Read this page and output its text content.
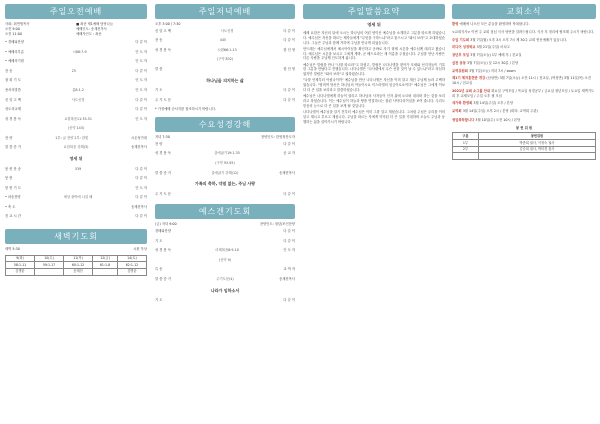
주일오전예배
사회: 최연범목사
오전 9:00
오전 11:00
■ 최준 제1예배 담당나눔
예배인도: 송재천목사
예배자인도 : 최준
• 경배와찬양	다 같 이
• 예배의부름	시86:7-9	인 도 자
• 예배의기원	인 도 자
찬 송	25	다 같 이
참 회 기 도	인 도 자
용서의말씀	롬8:1-2	인 도 자
신 앙 고 백	사도신경	다 같 이
성도의교제	다 같 이
성 경 봉 독	요한복음11:35-51	인 도 자
(신약 143)
찬 양	1부: 글 찬양 2부: 한빛	시온성가대
말 씀 증 거	요한복음 강해(3)	송재천목사
영세 뒤
봉 헌 찬 송	539	다 같 이
봉 헌	다 같 이
봉 헌 기 도	인 도 자
• 파송찬양	세상 광야에 나설 때	다 같 이
• 축 도	송재천목사
친 교 시 간	다 같 이
새벽기도회
새벽 5:30	시편 묵상
9(화)	10(수)	11(목)	12(금)	14(토)
58:1-11	59:1-17	60:1-12	61:1-8	62:1-12
김병윤		송재천		김병윤
주일저녁예배
오후 3:00 / 7:30
신 앙 고 백	사도신경	다 같 이
찬 송	445	다 같 이
성 경 봉 독	시편66:1-13	함 인 영
(구약 832)
말 씀	함 인 영
하나님을 의지하는 삶
기 도	다 같 이
주 기 도 문	다 같 이
* 가정예배 순서지를 참조하시기 바랍니다.
수요성경강해
저녁 7:30	찬양인도: 한영청찬도자
찬 양	다 같 이
성 경 봉 독	출애굽기19:1-35	공 교 자
(구약 93-95)
말 씀 증 거	출애굽기 강해(12)	송재천목사
가족의 축하, 약점 없는, 주님 사랑
주 기 도 문	다 같 이
예스겐기도회
(금) 저녁 9:00	찬양인도: 청년/조인찬양
경배와찬양	다 같 이
기 도	다 같 이
성 경 봉 독	마태복음6:9-10	인 도 자
(신약 9)
특 송	교 역 자
말 씀 증 거	주기도문(4)	송재천목사
나라가 임하소서
기 도	다 같 이
주일말씀요약
영세 뒤
세례 요한은 자신의 뒤에 오시는 하나님의 어린 양이신 예수님을 소개하고 그분을 따르게 하였습니다. 예수님은 자신을 따르는 제자들에게 "무엇을 구하느냐"라고 물으시고 "와서 보라"고 초대하셨습니다. 그들은 주님과 함께 거하며 주님을 만나게 되었습니다.
안드레는 예수님에게서 메시아이심을 확인하고 곧바로 자기 형제 시몬을 예수님께 데리고 왔습니다. 예수님은 시몬을 보시고 그에게 게바, 곧 베드로라는 새 이름을 주셨습니다. 주님을 만난 사람은 다른 사람을 주님께 인도하게 됩니다.
예수님은 빌립을 만나 "나를 따르라"고 하셨고, 빌립은 나다나엘을 찾아가 모세와 선지자들이 기록한 그분을 만났다고 전했습니다. 나다나엘은 "나사렛에서 무슨 선한 것이 날 수 있느냐"라고 의심하였지만 빌립은 "와서 보라"고 권하였습니다.
"나를 언제부터 아셨나이까" 예수님을 만난 나다나엘은 자신을 이미 알고 계신 주님께 놀라 고백하였습니다. "랍비여 당신은 하나님의 아들이시요 이스라엘의 임금이로소이다" 예수님은 그에게 이보다 더 큰 일을 보리라고 말씀하셨습니다.
예수님은 나다나엘에게 하늘이 열리고 하나님의 사자들이 인자 위에 오르락 내리락 하는 것을 보리라고 하셨습니다. 이는 예수님이 하늘과 땅을 연결하시는 참된 사닥다리이심을 보여 줍니다. 우리도 믿음의 눈으로 더 큰 일을 보게 될 것입니다.
나다나엘이 예수님을 알기 전부터 예수님은 이미 그를 알고 계셨습니다. 그처럼 주님은 우리를 이미 알고 계시고 부르고 계십니다. 주님을 따르는 자에게 약속된 더 큰 일을 기대하며 오늘도 주님과 동행하는 삶을 살아가시기 바랍니다.
교회소식
환영 예배에 나오신 모든 분들을 환영하며 축복합니다.
<교회식사> 이번 주 교회 점심 식사 당번을 알려드립니다. 식사 후 정리에 협조해 주시기 바랍니다.
주일 기도회 3월 7일(월) 오후 3시 오후 7시 제 30주 교회 헌신예배가 있습니다.
미디어 성경학교 3월 21일(주일) 마치고
장년부 모임 3월 7일(오늘) 1부 예배 후 / 친교실
실천 공동 3월 7일(오늘) 낮 12시 30분 / 본당
교역위원회 3월 7일(오늘) 저녁 7시 / zoom
제1기 제자훈련반 개강 (남성반) 3월 7일(오늘) 오전 11시 / 친교실, (여성반) 3월 11일(목) 오전 10시 / 친교실
2021년 교회 소그룹 안내 화요일 구역모임 / 목요일 성경공부 / 금요일 청년모임 / 토요일 새벽기도회 후 교제모임 / 주일 오후 셀 모임
새가족 환영회 3월 14일(주일) 오후 / 본당
교역회 3월 14일(주일) 오후 2시 / 본당 (회의: 교역회 주관)
생일축하합니다 3월 10일(수) 오전 10시 / 본당
봉 헌 위 원
구분	봉헌위원
1부	박종희 권사, 이정숙 권사
2부	김순희 권사, 박미경 집사
